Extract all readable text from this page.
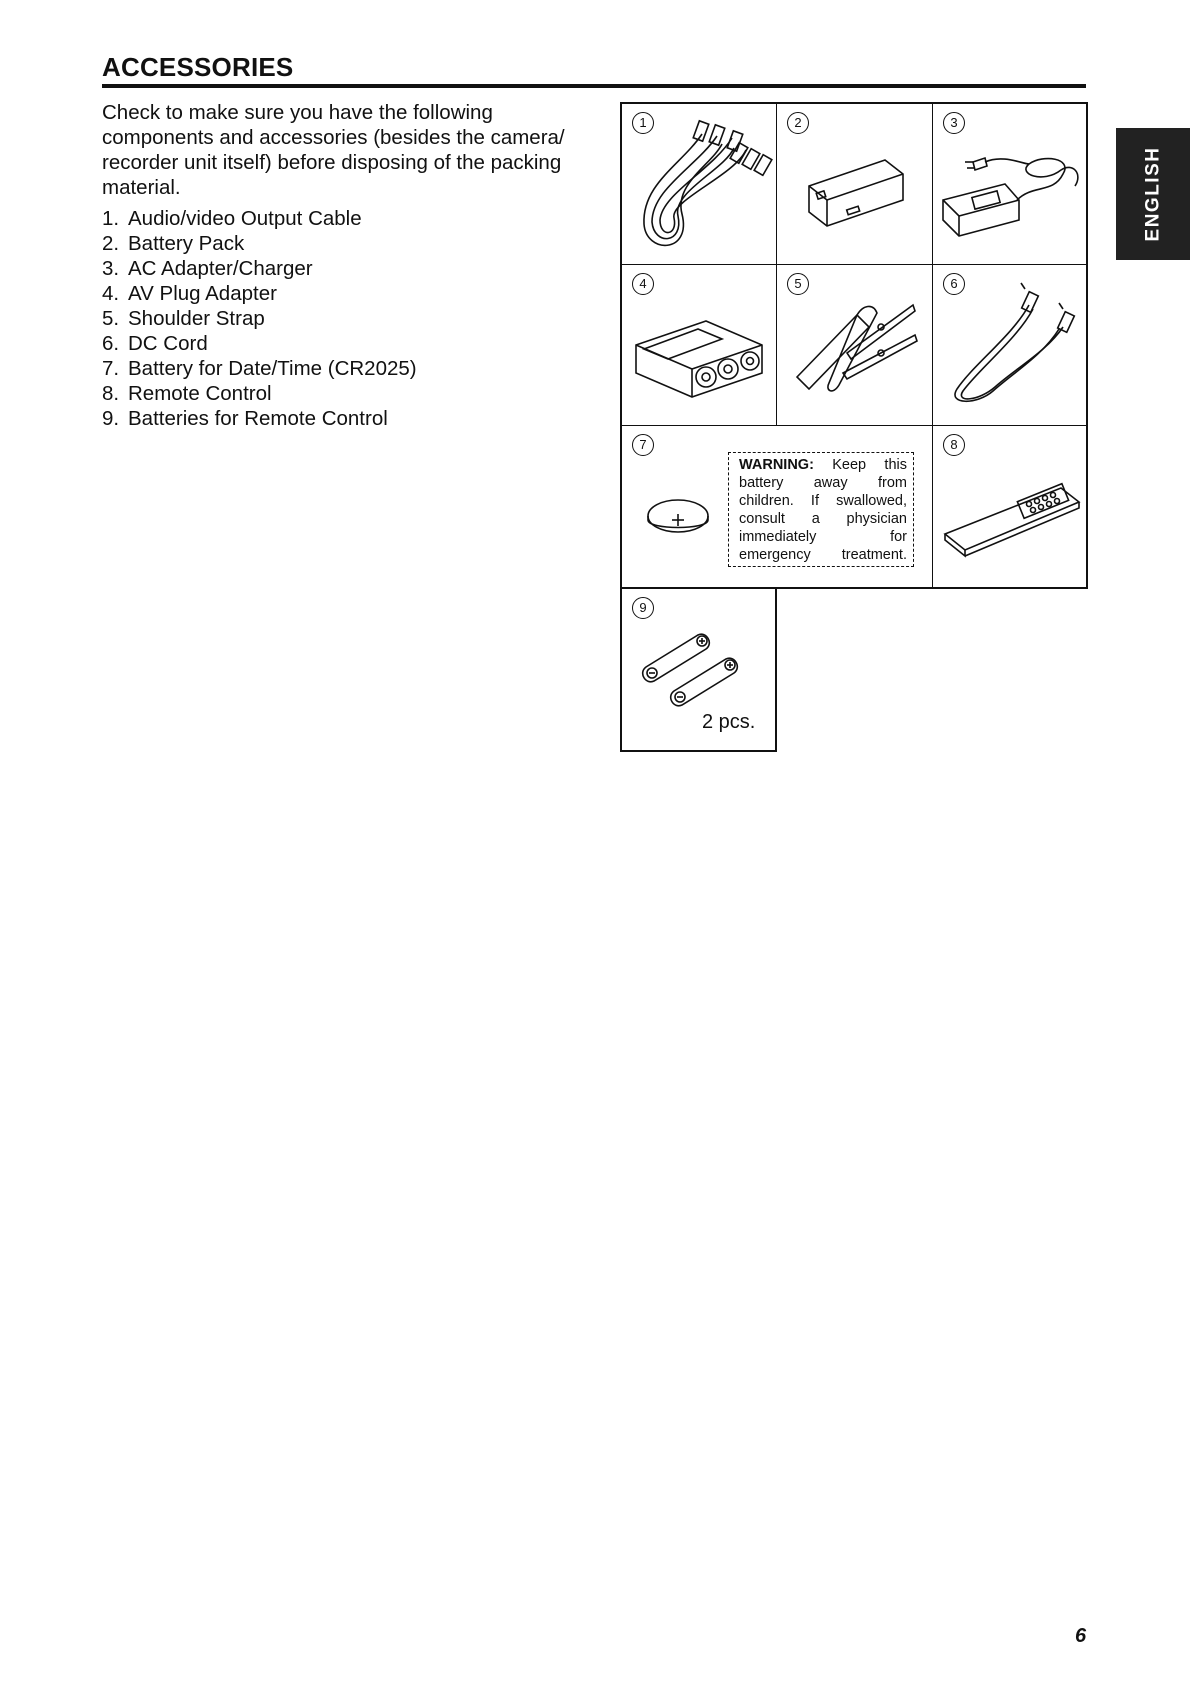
ACCESSORIES
ENGLISH

Check to make sure you have the following components and accessories (besides the camera/ recorder unit itself) before disposing of the packing material.

1. Audio/video Output Cable
2. Battery Pack
3. AC Adapter/Charger
4. AV Plug Adapter
5. Shoulder Strap
6. DC Cord
7. Battery for Date/Time (CR2025)
8. Remote Control
9. Batteries for Remote Control
1	2	3
4	5	6
7
WARNING: Keep this battery away from children. If swallowed, consult a physician immediately for emergency treatment.
8
9
2 pcs.
6
